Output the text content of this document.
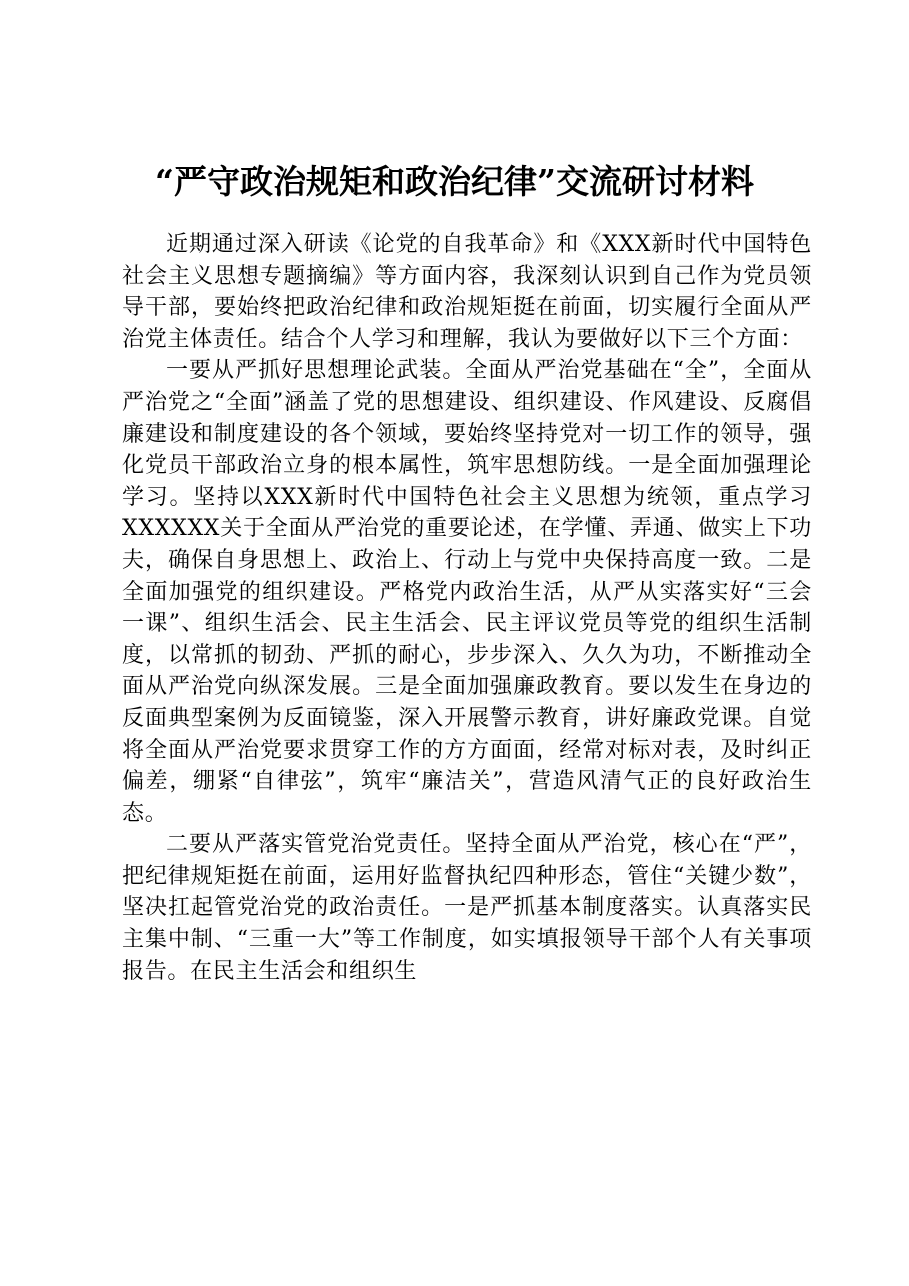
“严守政治规矩和政治纪律”交流研讨材料

近期通过深入研读《论党的自我革命》和《XXX新时代中国特色社会主义思想专题摘编》等方面内容，我深刻认识到自己作为党员领导干部，要始终把政治纪律和政治规矩挺在前面，切实履行全面从严治党主体责任。结合个人学习和理解，我认为要做好以下三个方面：

一要从严抓好思想理论武装。全面从严治党基础在“全”，全面从严治党之“全面”涵盖了党的思想建设、组织建设、作风建设、反腐倡廉建设和制度建设的各个领域，要始终坚持党对一切工作的领导，强化党员干部政治立身的根本属性，筑牢思想防线。一是全面加强理论学习。坚持以XXX新时代中国特色社会主义思想为统领，重点学习XXXXXX关于全面从严治党的重要论述，在学懂、弄通、做实上下功夫，确保自身思想上、政治上、行动上与党中央保持高度一致。二是全面加强党的组织建设。严格党内政治生活，从严从实落实好“三会一课”、组织生活会、民主生活会、民主评议党员等党的组织生活制度，以常抓的韧劲、严抓的耐心，步步深入、久久为功，不断推动全面从严治党向纵深发展。三是全面加强廉政教育。要以发生在身边的反面典型案例为反面镜鉴，深入开展警示教育，讲好廉政党课。自觉将全面从严治党要求贯穿工作的方方面面，经常对标对表，及时纠正偏差，绷紧“自律弦”，筑牢“廉洁关”，营造风清气正的良好政治生态。

二要从严落实管党治党责任。坚持全面从严治党，核心在“严”，把纪律规矩挺在前面，运用好监督执纪四种形态，管住“关键少数”，坚决扛起管党治党的政治责任。一是严抓基本制度落实。认真落实民主集中制、“三重一大”等工作制度，如实填报领导干部个人有关事项报告。在民主生活会和组织生
